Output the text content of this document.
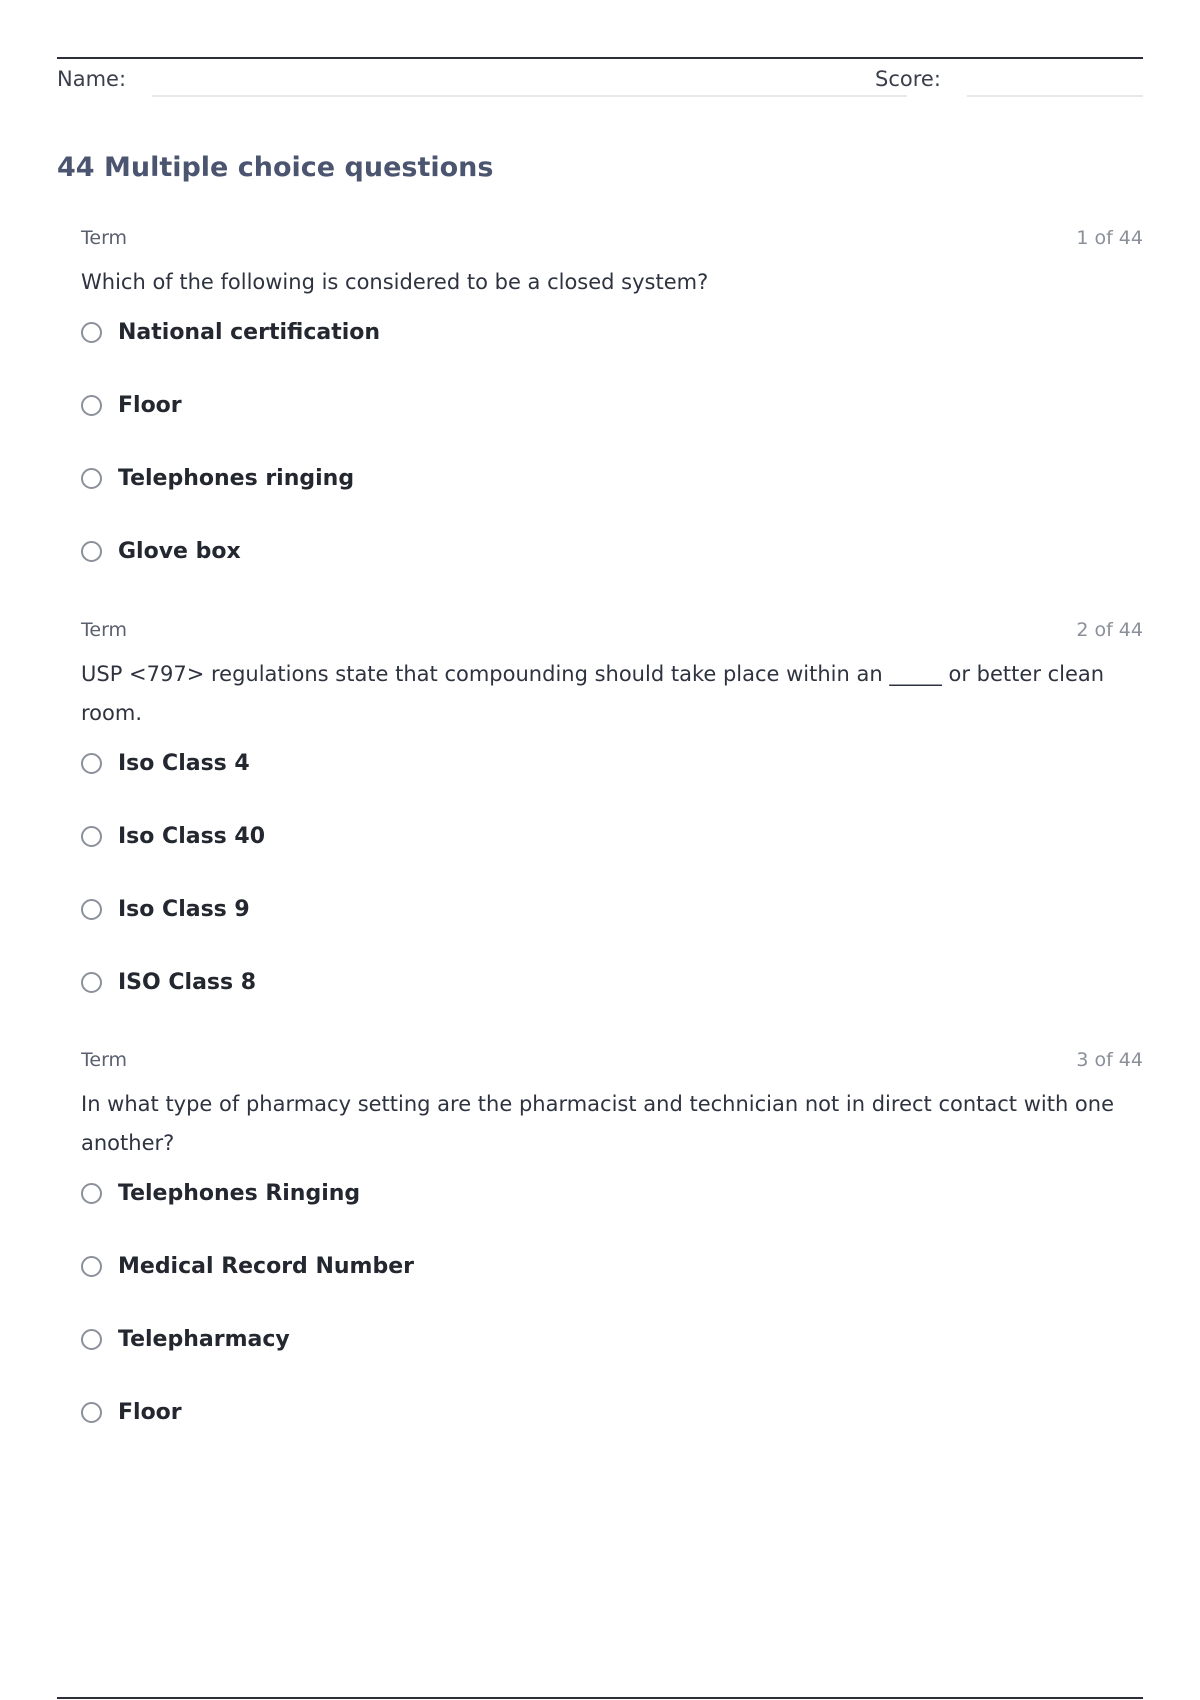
Name:	Score:
44 Multiple choice questions
Term	1 of 44

Which of the following is considered to be a closed system?

National certification
Floor
Telephones ringing
Glove box
Term	2 of 44

USP <797> regulations state that compounding should take place within an _____ or better clean room.

Iso Class 4
Iso Class 40
Iso Class 9
ISO Class 8
Term	3 of 44

In what type of pharmacy setting are the pharmacist and technician not in direct contact with one another?

Telephones Ringing
Medical Record Number
Telepharmacy
Floor
